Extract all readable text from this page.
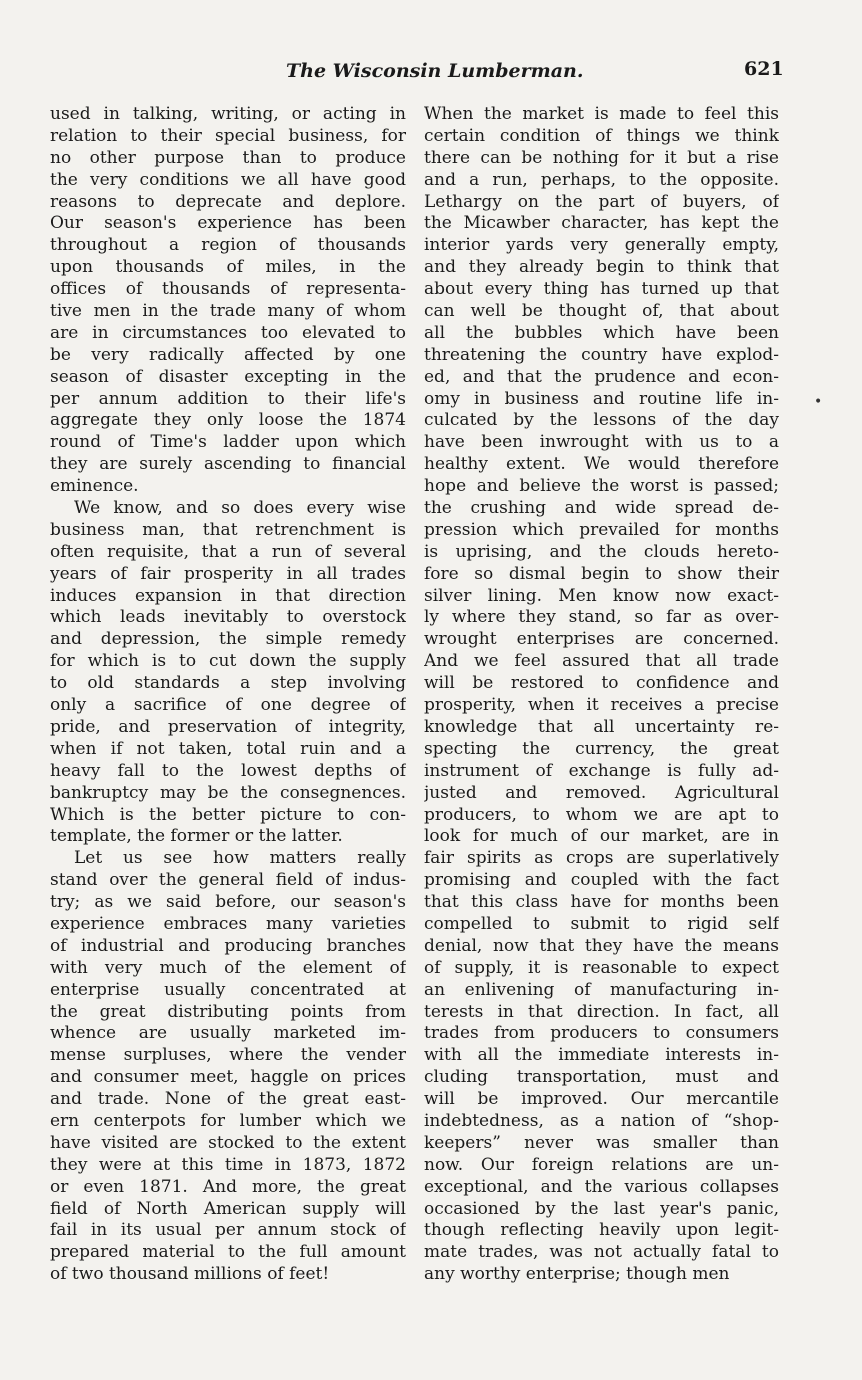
The Wisconsin Lumberman.	621
used in talking, writing, or acting in
relation to their special business, for
no other purpose than to produce
the very conditions we all have good
reasons to deprecate and deplore.
Our season's experience has been
throughout a region of thousands
upon thousands of miles, in the
offices of thousands of representa-
tive men in the trade many of whom
are in circumstances too elevated to
be very radically affected by one
season of disaster excepting in the
per annum addition to their life's
aggregate they only loose the 1874
round of Time's ladder upon which
they are surely ascending to financial
eminence.
We know, and so does every wise
business man, that retrenchment is
often requisite, that a run of several
years of fair prosperity in all trades
induces expansion in that direction
which leads inevitably to overstock
and depression, the simple remedy
for which is to cut down the supply
to old standards a step involving
only a sacrifice of one degree of
pride, and preservation of integrity,
when if not taken, total ruin and a
heavy fall to the lowest depths of
bankruptcy may be the consegnences.
Which is the better picture to con-
template, the former or the latter.
Let us see how matters really
stand over the general field of indus-
try; as we said before, our season's
experience embraces many varieties
of industrial and producing branches
with very much of the element of
enterprise usually concentrated at
the great distributing points from
whence are usually marketed im-
mense surpluses, where the vender
and consumer meet, haggle on prices
and trade. None of the great east-
ern centerpots for lumber which we
have visited are stocked to the extent
they were at this time in 1873, 1872
or even 1871. And more, the great
field of North American supply will
fail in its usual per annum stock of
prepared material to the full amount
of two thousand millions of feet!
When the market is made to feel this
certain condition of things we think
there can be nothing for it but a rise
and a run, perhaps, to the opposite.
Lethargy on the part of buyers, of
the Micawber character, has kept the
interior yards very generally empty,
and they already begin to think that
about every thing has turned up that
can well be thought of, that about
all the bubbles which have been
threatening the country have explod-
ed, and that the prudence and econ-
omy in business and routine life in-
culcated by the lessons of the day
have been inwrought with us to a
healthy extent. We would therefore
hope and believe the worst is passed;
the crushing and wide spread de-
pression which prevailed for months
is uprising, and the clouds hereto-
fore so dismal begin to show their
silver lining. Men know now exact-
ly where they stand, so far as over-
wrought enterprises are concerned.
And we feel assured that all trade
will be restored to confidence and
prosperity, when it receives a precise
knowledge that all uncertainty re-
specting the currency, the great
instrument of exchange is fully ad-
justed and removed. Agricultural
producers, to whom we are apt to
look for much of our market, are in
fair spirits as crops are superlatively
promising and coupled with the fact
that this class have for months been
compelled to submit to rigid self
denial, now that they have the means
of supply, it is reasonable to expect
an enlivening of manufacturing in-
terests in that direction. In fact, all
trades from producers to consumers
with all the immediate interests in-
cluding transportation, must and
will be improved. Our mercantile
indebtedness, as a nation of “shop-
keepers” never was smaller than
now. Our foreign relations are un-
exceptional, and the various collapses
occasioned by the last year's panic,
though reflecting heavily upon legit-
mate trades, was not actually fatal to
any worthy enterprise; though men
•
